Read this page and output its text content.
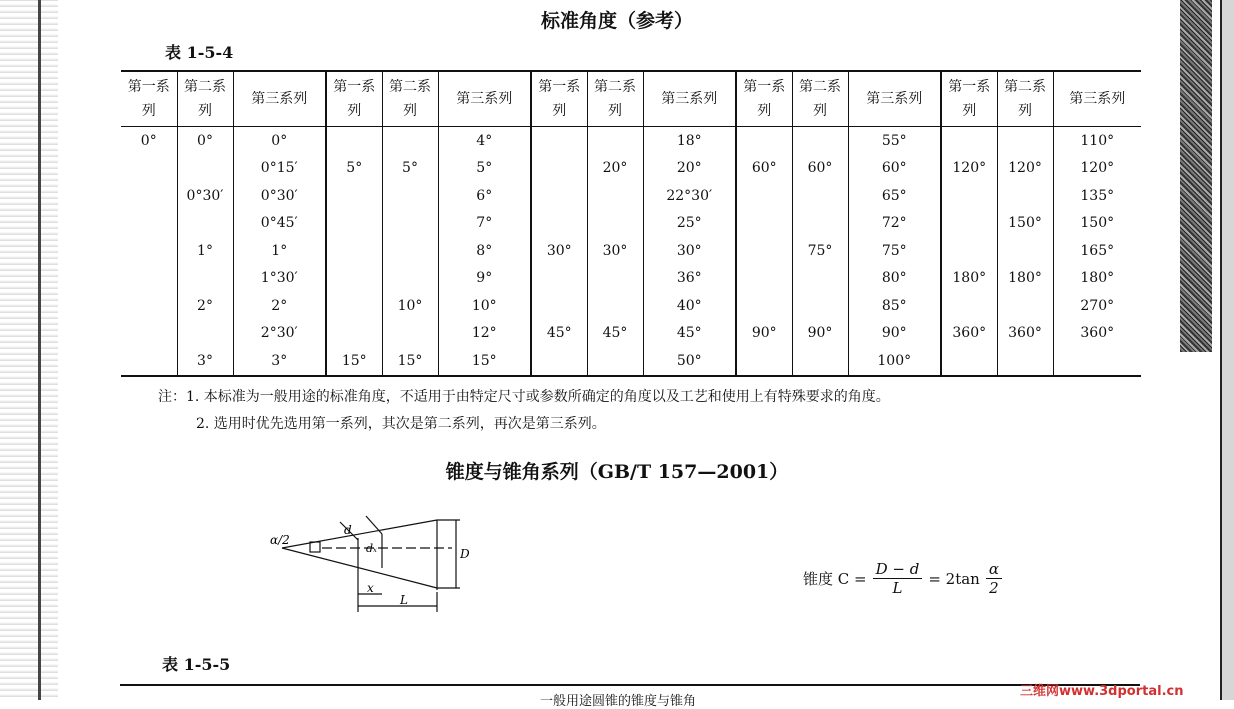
标准角度（参考）
表 1-5-4
第一系列	第二系列	第三系列	第一系列	第二系列	第三系列	第一系列	第二系列	第三系列	第一系列	第二系列	第三系列	第一系列	第二系列	第三系列
0°	0°	0°			4°			18°			55°			110°
		0°15′	5°	5°	5°		20°	20°	60°	60°	60°	120°	120°	120°
	0°30′	0°30′			6°			22°30′			65°			135°
		0°45′			7°			25°			72°		150°	150°
	1°	1°			8°	30°	30°	30°		75°	75°			165°
		1°30′			9°			36°			80°	180°	180°	180°
	2°	2°		10°	10°			40°			85°			270°
		2°30′			12°	45°	45°	45°	90°	90°	90°	360°	360°	360°
	3°	3°	15°	15°	15°			50°			100°			
注：1. 本标准为一般用途的标准角度，不适用于由特定尺寸或参数所确定的角度以及工艺和使用上有特殊要求的角度。
2. 选用时优先选用第一系列，其次是第二系列，再次是第三系列。
锥度与锥角系列（GB/T 157—2001）
α/2
d
dₓ	D
x
L
锥度 $C = \frac{D - d}{L} = 2\tan \frac{\alpha}{2}$
表 1-5-5
一般用途圆锥的锥度与锥角
三维网www.3dportal.cn
